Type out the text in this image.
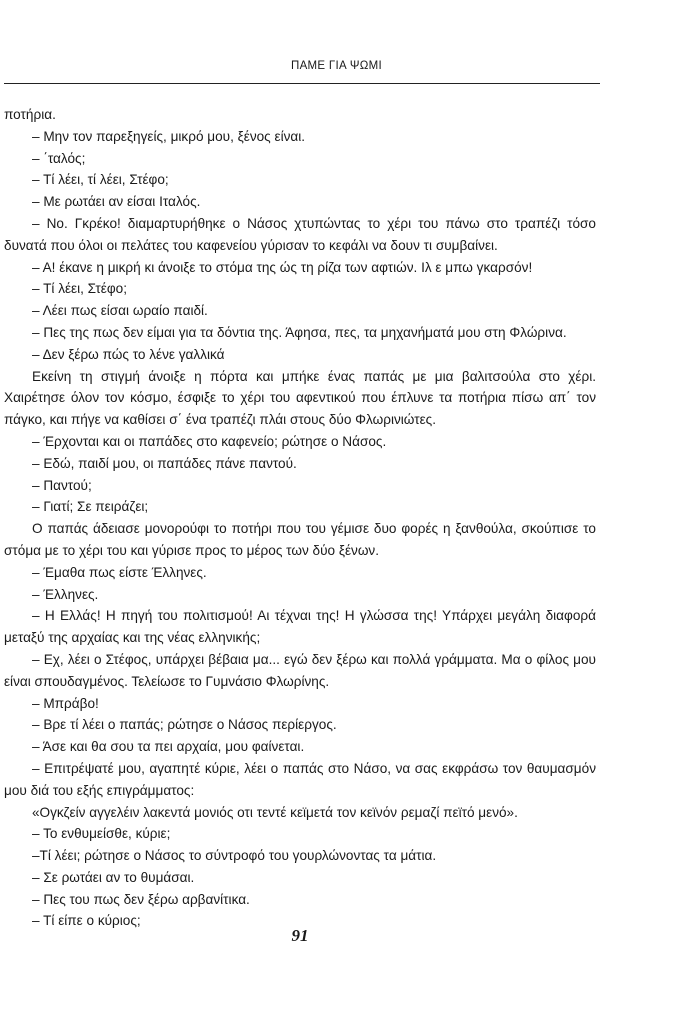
ΠΑΜΕ ΓΙΑ ΨΩΜΙ

ποτήρια.

– Μην τον παρεξηγείς, μικρό μου, ξένος είναι.

– ΄ταλός;

– Τί λέει, τί λέει, Στέφο;

– Με ρωτάει αν είσαι Ιταλός.

– Νο. Γκρέκο! διαμαρτυρήθηκε ο Νάσος χτυπώντας το χέρι του πάνω στο τραπέζι τόσο δυνατά που όλοι οι πελάτες του καφενείου γύρισαν το κεφάλι να δουν τι συμβαίνει.

– Α! έκανε η μικρή κι άνοιξε το στόμα της ώς τη ρίζα των αφτιών. Ιλ ε μπω γκαρσόν!

– Τί λέει, Στέφο;

– Λέει πως είσαι ωραίο παιδί.

– Πες της πως δεν είμαι για τα δόντια της. Άφησα, πες, τα μηχανήματά μου στη Φλώρινα.

– Δεν ξέρω πώς το λένε γαλλικά

Εκείνη τη στιγμή άνοιξε η πόρτα και μπήκε ένας παπάς με μια βαλιτσούλα στο χέρι. Χαιρέτησε όλον τον κόσμο, έσφιξε το χέρι του αφεντικού που έπλυνε τα ποτήρια πίσω απ΄ τον πάγκο, και πήγε να καθίσει σ΄ ένα τραπέζι πλάι στους δύο Φλωρινιώτες.

– Έρχονται και οι παπάδες στο καφενείο; ρώτησε ο Νάσος.

– Εδώ, παιδί μου, οι παπάδες πάνε παντού.

– Παντού;

– Γιατί; Σε πειράζει;

Ο παπάς άδειασε μονορούφι το ποτήρι που του γέμισε δυο φορές η ξανθούλα, σκούπισε το στόμα με το χέρι του και γύρισε προς το μέρος των δύο ξένων.

– Έμαθα πως είστε Έλληνες.

– Έλληνες.

– Η Ελλάς! Η πηγή του πολιτισμού! Αι τέχναι της! Η γλώσσα της! Υπάρχει μεγάλη διαφορά μεταξύ της αρχαίας και της νέας ελληνικής;

– Εχ, λέει ο Στέφος, υπάρχει βέβαια μα... εγώ δεν ξέρω και πολλά γράμματα. Μα ο φίλος μου είναι σπουδαγμένος. Τελείωσε το Γυμνάσιο Φλωρίνης.

– Μπράβο!

– Βρε τί λέει ο παπάς; ρώτησε ο Νάσος περίεργος.

– Άσε και θα σου τα πει αρχαία, μου φαίνεται.

– Επιτρέψατέ μου, αγαπητέ κύριε, λέει ο παπάς στο Νάσο, να σας εκφράσω τον θαυμασμόν μου διά του εξής επιγράμματος:

«Ογκζείν αγγελέιν λακεντά μονιός οτι τεντέ κεϊμετά τον κεϊνόν ρεμαζί πεϊτό μενό».

– Το ενθυμείσθε, κύριε;

–Τί λέει; ρώτησε ο Νάσος το σύντροφό του γουρλώνοντας τα μάτια.

– Σε ρωτάει αν το θυμάσαι.

– Πες του πως δεν ξέρω αρβανίτικα.

– Τί είπε ο κύριος;

91
